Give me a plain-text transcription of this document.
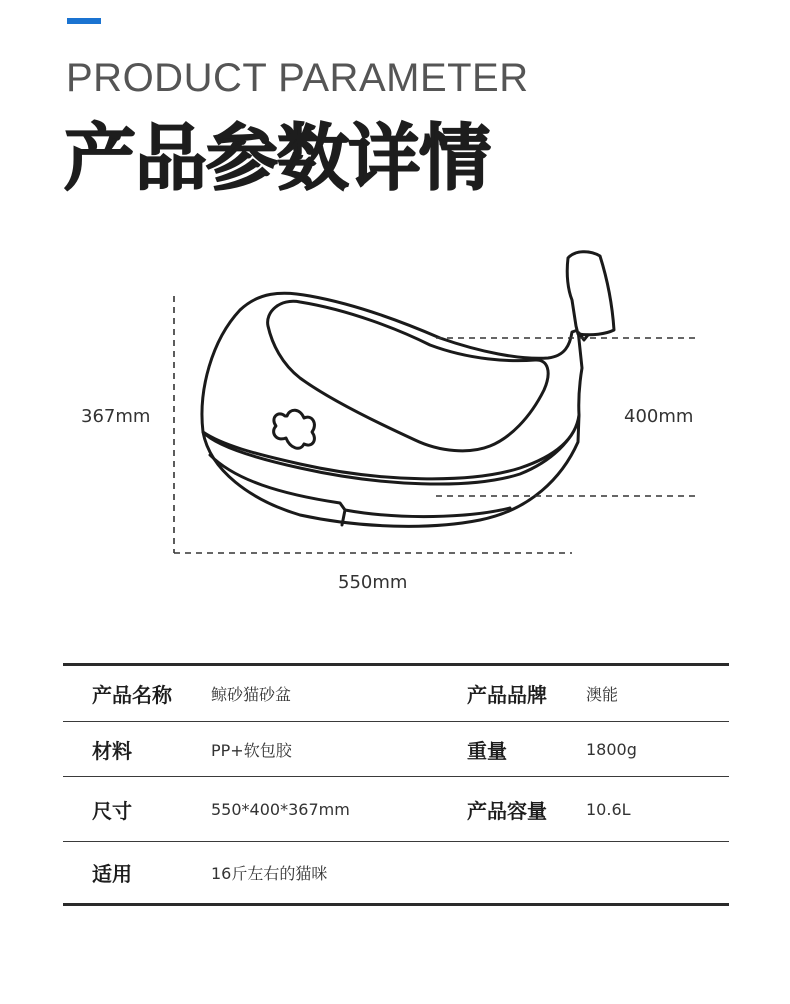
PRODUCT PARAMETER
产品参数详情
367mm	400mm
550mm
产品名称 鲸砂猫砂盆	产品品牌 澳能
材料	PP+软包胶	重量	1800g
尺寸	550*400*367mm	产品容量 10.6L
适用	16斤左右的猫咪
